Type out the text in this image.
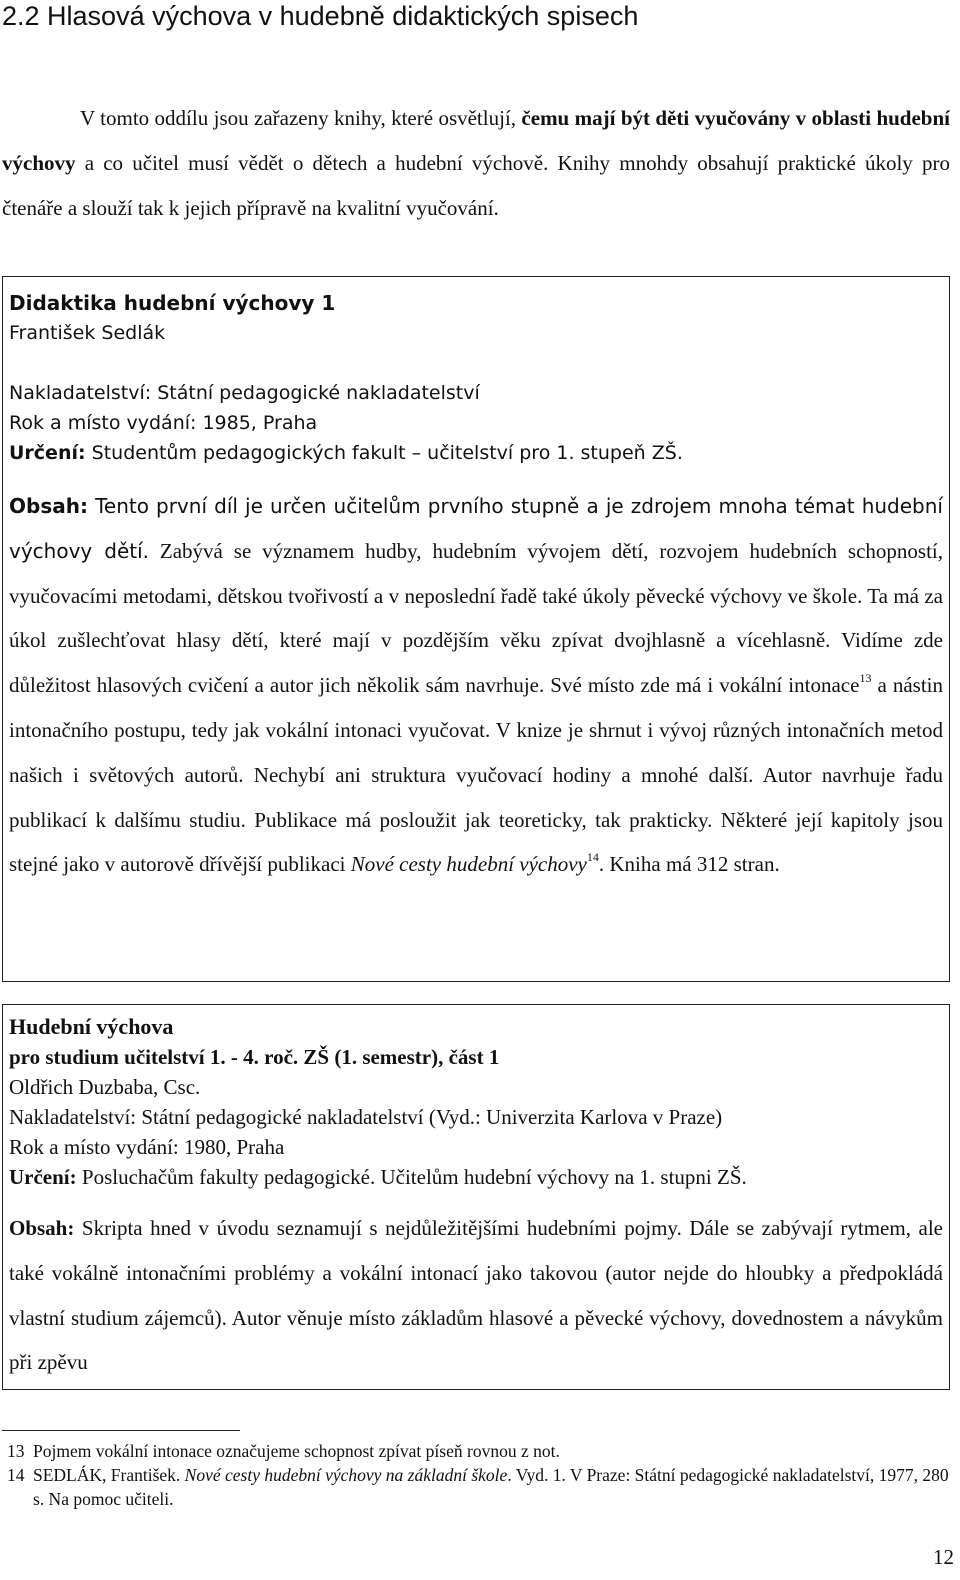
2.2 Hlasová výchova v hudebně didaktických spisech

V tomto oddílu jsou zařazeny knihy, které osvětlují, čemu mají být děti vyučovány v oblasti hudební výchovy a co učitel musí vědět o dětech a hudební výchově. Knihy mnohdy obsahují praktické úkoly pro čtenáře a slouží tak k jejich přípravě na kvalitní vyučování.

Didaktika hudební výchovy 1
František Sedlák
Nakladatelství: Státní pedagogické nakladatelství
Rok a místo vydání: 1985, Praha
Určení: Studentům pedagogických fakult – učitelství pro 1. stupeň ZŠ.

Obsah: Tento první díl je určen učitelům prvního stupně a je zdrojem mnoha témat hudební výchovy dětí. Zabývá se významem hudby, hudebním vývojem dětí, rozvojem hudebních schopností, vyučovacími metodami, dětskou tvořivostí a v neposlední řadě také úkoly pěvecké výchovy ve škole. Ta má za úkol zušlechťovat hlasy dětí, které mají v pozdějším věku zpívat dvojhlasně a vícehlasně. Vidíme zde důležitost hlasových cvičení a autor jich několik sám navrhuje. Své místo zde má i vokální intonace$^{13}$ a nástin intonačního postupu, tedy jak vokální intonaci vyučovat. V knize je shrnut i vývoj různých intonačních metod našich i světových autorů. Nechybí ani struktura vyučovací hodiny a mnohé další. Autor navrhuje řadu publikací k dalšímu studiu. Publikace má posloužit jak teoreticky, tak prakticky. Některé její kapitoly jsou stejné jako v autorově dřívější publikaci Nové cesty hudební výchovy$^{14}$. Kniha má 312 stran.

Hudební výchova
pro studium učitelství 1. - 4. roč. ZŠ (1. semestr), část 1
Oldřich Duzbaba, Csc.
Nakladatelství: Státní pedagogické nakladatelství (Vyd.: Univerzita Karlova v Praze)
Rok a místo vydání: 1980, Praha
Určení: Posluchačům fakulty pedagogické. Učitelům hudební výchovy na 1. stupni ZŠ.

Obsah: Skripta hned v úvodu seznamují s nejdůležitějšími hudebními pojmy. Dále se zabývají rytmem, ale také vokálně intonačními problémy a vokální intonací jako takovou (autor nejde do hloubky a předpokládá vlastní studium zájemců). Autor věnuje místo základům hlasové a pěvecké výchovy, dovednostem a návykům při zpěvu

13 Pojmem vokální intonace označujeme schopnost zpívat píseň rovnou z not.
14 SEDLÁK, František. Nové cesty hudební výchovy na základní škole. Vyd. 1. V Praze: Státní pedagogické nakladatelství, 1977, 280 s. Na pomoc učiteli.
12
